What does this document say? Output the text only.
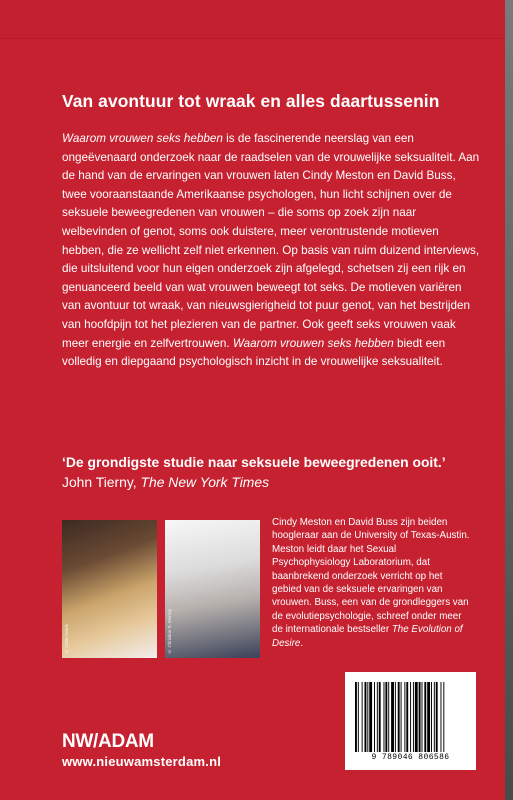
Van avontuur tot wraak en alles daartussenin

Waarom vrouwen seks hebben is de fascinerende neerslag van een ongeëvenaard onderzoek naar de raadselen van de vrouwelijke seksualiteit. Aan de hand van de ervaringen van vrouwen laten Cindy Meston en David Buss, twee vooraanstaande Amerikaanse psychologen, hun licht schijnen over de seksuele beweegredenen van vrouwen – die soms op zoek zijn naar welbevinden of genot, soms ook duistere, meer verontrustende motieven hebben, die ze wellicht zelf niet erkennen. Op basis van ruim duizend interviews, die uitsluitend voor hun eigen onderzoek zijn afgelegd, schetsen zij een rijk en genuanceerd beeld van wat vrouwen beweegt tot seks. De motieven variëren van avontuur tot wraak, van nieuwsgierigheid tot puur genot, van het bestrijden van hoofdpijn tot het plezieren van de partner. Ook geeft seks vrouwen vaak meer energie en zelfvertrouwen. Waarom vrouwen seks hebben biedt een volledig en diepgaand psychologisch inzicht in de vrouwelijke seksualiteit.

‘De grondigste studie naar seksuele beweegredenen ooit.’
John Tierny, The New York Times

© Chris Harris	© Christine S. Murray

Cindy Meston en David Buss zijn beiden hoogleraar aan de University of Texas-Austin. Meston leidt daar het Sexual Psychophysiology Laboratorium, dat baanbrekend onderzoek verricht op het gebied van de seksuele ervaringen van vrouwen. Buss, een van de grondleggers van de evolutiepsychologie, schreef onder meer de internationale bestseller The Evolution of Desire.

NW/ADAM
www.nieuwamsterdam.nl	9 789046 806586
